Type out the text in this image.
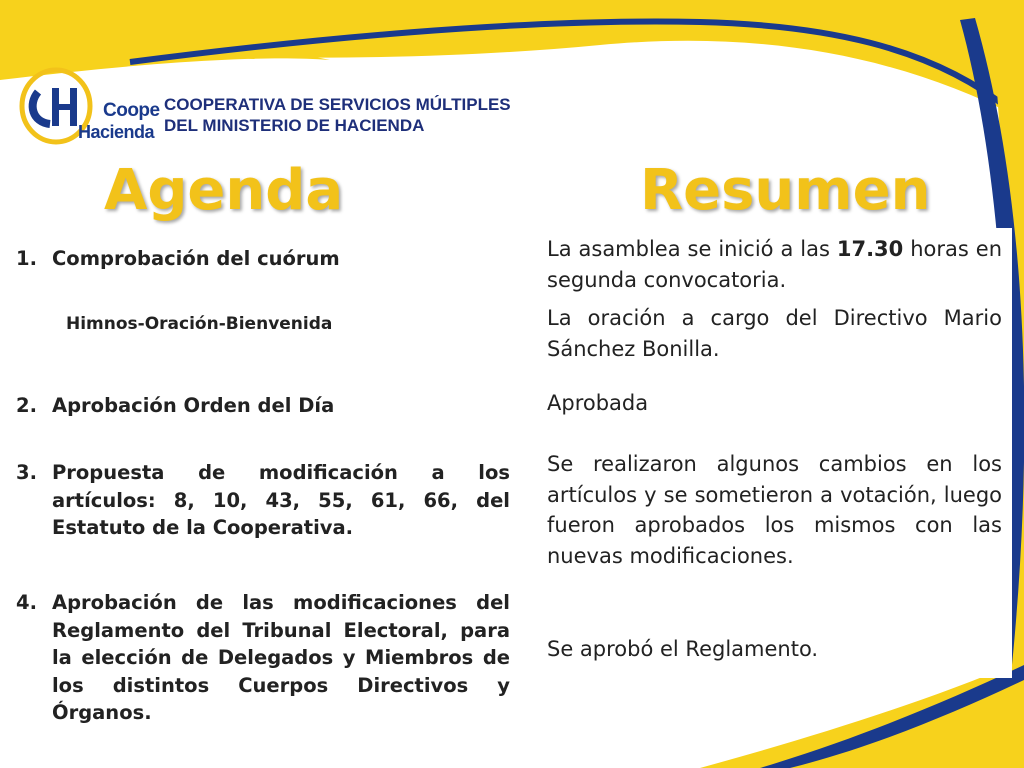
Coope
Hacienda
COOPERATIVA DE SERVICIOS MÚLTIPLES
DEL MINISTERIO DE HACIENDA
Agenda	Resumen
1. Comprobación del cuórum
Himnos-Oración-Bienvenida
2. Aprobación Orden del Día
3. Propuesta de modificación a los artículos: 8, 10, 43, 55, 61, 66, del Estatuto de la Cooperativa.
4. Aprobación de las modificaciones del Reglamento del Tribunal Electoral, para la elección de Delegados y Miembros de los distintos Cuerpos Directivos y Órganos.
La asamblea se inició a las 17.30 horas en segunda convocatoria.
La oración a cargo del Directivo Mario Sánchez Bonilla.
Aprobada
Se realizaron algunos cambios en los artículos y se sometieron a votación, luego fueron aprobados los mismos con las nuevas modificaciones.
Se aprobó el Reglamento.
